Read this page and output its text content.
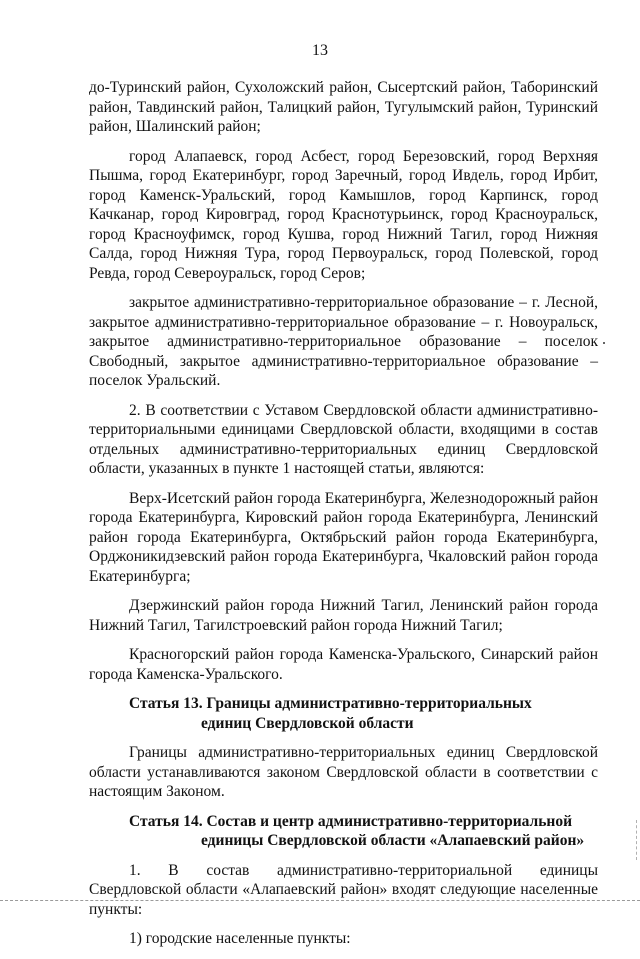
13

до-Туринский район, Сухоложский район, Сысертский район, Таборинский район, Тавдинский район, Талицкий район, Тугулымский район, Туринский район, Шалинский район;

город Алапаевск, город Асбест, город Березовский, город Верхняя Пышма, город Екатеринбург, город Заречный, город Ивдель, город Ирбит, город Каменск-Уральский, город Камышлов, город Карпинск, город Качканар, город Кировград, город Краснотурьинск, город Красноуральск, город Красноуфимск, город Кушва, город Нижний Тагил, город Нижняя Салда, город Нижняя Тура, город Первоуральск, город Полевской, город Ревда, город Североуральск, город Серов;

закрытое административно-территориальное образование – г. Лесной, закрытое административно-территориальное образование – г. Новоуральск, закрытое административно-территориальное образование – поселок Свободный, закрытое административно-территориальное образование – поселок Уральский.

2. В соответствии с Уставом Свердловской области административно-территориальными единицами Свердловской области, входящими в состав отдельных административно-территориальных единиц Свердловской области, указанных в пункте 1 настоящей статьи, являются:

Верх-Исетский район города Екатеринбурга, Железнодорожный район города Екатеринбурга, Кировский район города Екатеринбурга, Ленинский район города Екатеринбурга, Октябрьский район города Екатеринбурга, Орджоникидзевский район города Екатеринбурга, Чкаловский район города Екатеринбурга;

Дзержинский район города Нижний Тагил, Ленинский район города Нижний Тагил, Тагилстроевский район города Нижний Тагил;

Красногорский район города Каменска-Уральского, Синарский район города Каменска-Уральского.

Статья 13. Границы административно-территориальных
единиц Свердловской области

Границы административно-территориальных единиц Свердловской области устанавливаются законом Свердловской области в соответствии с настоящим Законом.

Статья 14. Состав и центр административно-территориальной
единицы Свердловской области «Алапаевский район»

1. В состав административно-территориальной единицы Свердловской области «Алапаевский район» входят следующие населенные пункты:

1) городские населенные пункты:
